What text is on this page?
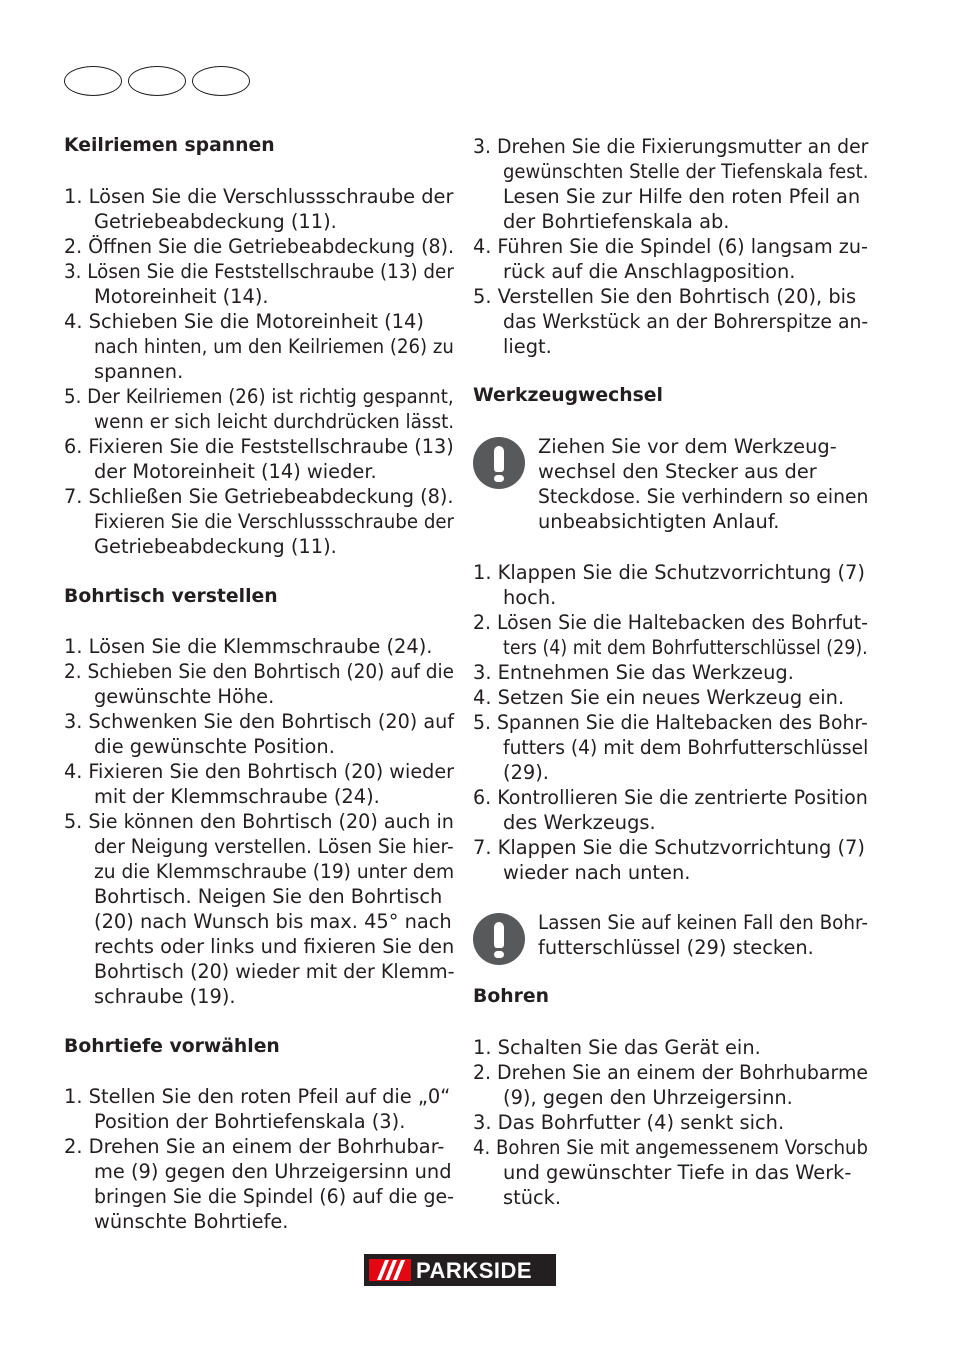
Keilriemen spannen
1. Lösen Sie die Verschlussschraube der
Getriebeabdeckung (11).
2. Öffnen Sie die Getriebeabdeckung (8).
3. Lösen Sie die Feststellschraube (13) der
Motoreinheit (14).
4. Schieben Sie die Motoreinheit (14)
nach hinten, um den Keilriemen (26) zu
spannen.
5. Der Keilriemen (26) ist richtig gespannt,
wenn er sich leicht durchdrücken lässt.
6. Fixieren Sie die Feststellschraube (13)
der Motoreinheit (14) wieder.
7. Schließen Sie Getriebeabdeckung (8).
Fixieren Sie die Verschlussschraube der
Getriebeabdeckung (11).
Bohrtisch verstellen
1. Lösen Sie die Klemmschraube (24).
2. Schieben Sie den Bohrtisch (20) auf die
gewünschte Höhe.
3. Schwenken Sie den Bohrtisch (20) auf
die gewünschte Position.
4. Fixieren Sie den Bohrtisch (20) wieder
mit der Klemmschraube (24).
5. Sie können den Bohrtisch (20) auch in
der Neigung verstellen. Lösen Sie hier-
zu die Klemmschraube (19) unter dem
Bohrtisch. Neigen Sie den Bohrtisch
(20) nach Wunsch bis max. 45° nach
rechts oder links und fixieren Sie den
Bohrtisch (20) wieder mit der Klemm-
schraube (19).
Bohrtiefe vorwählen
1. Stellen Sie den roten Pfeil auf die „0“
Position der Bohrtiefenskala (3).
2. Drehen Sie an einem der Bohrhubar-
me (9) gegen den Uhrzeigersinn und
bringen Sie die Spindel (6) auf die ge-
wünschte Bohrtiefe.
3. Drehen Sie die Fixierungsmutter an der
gewünschten Stelle der Tiefenskala fest.
Lesen Sie zur Hilfe den roten Pfeil an
der Bohrtiefenskala ab.
4. Führen Sie die Spindel (6) langsam zu-
rück auf die Anschlagposition.
5. Verstellen Sie den Bohrtisch (20), bis
das Werkstück an der Bohrerspitze an-
liegt.
Werkzeugwechsel
Ziehen Sie vor dem Werkzeug-
wechsel den Stecker aus der
Steckdose. Sie verhindern so einen
unbeabsichtigten Anlauf.
1. Klappen Sie die Schutzvorrichtung (7)
hoch.
2. Lösen Sie die Haltebacken des Bohrfut-
ters (4) mit dem Bohrfutterschlüssel (29).
3. Entnehmen Sie das Werkzeug.
4. Setzen Sie ein neues Werkzeug ein.
5. Spannen Sie die Haltebacken des Bohr-
futters (4) mit dem Bohrfutterschlüssel
(29).
6. Kontrollieren Sie die zentrierte Position
des Werkzeugs.
7. Klappen Sie die Schutzvorrichtung (7)
wieder nach unten.
Lassen Sie auf keinen Fall den Bohr-
futterschlüssel (29) stecken.
Bohren
1. Schalten Sie das Gerät ein.
2. Drehen Sie an einem der Bohrhubarme
(9), gegen den Uhrzeigersinn.
3. Das Bohrfutter (4) senkt sich.
4. Bohren Sie mit angemessenem Vorschub
und gewünschter Tiefe in das Werk-
stück.
PARKSIDE
